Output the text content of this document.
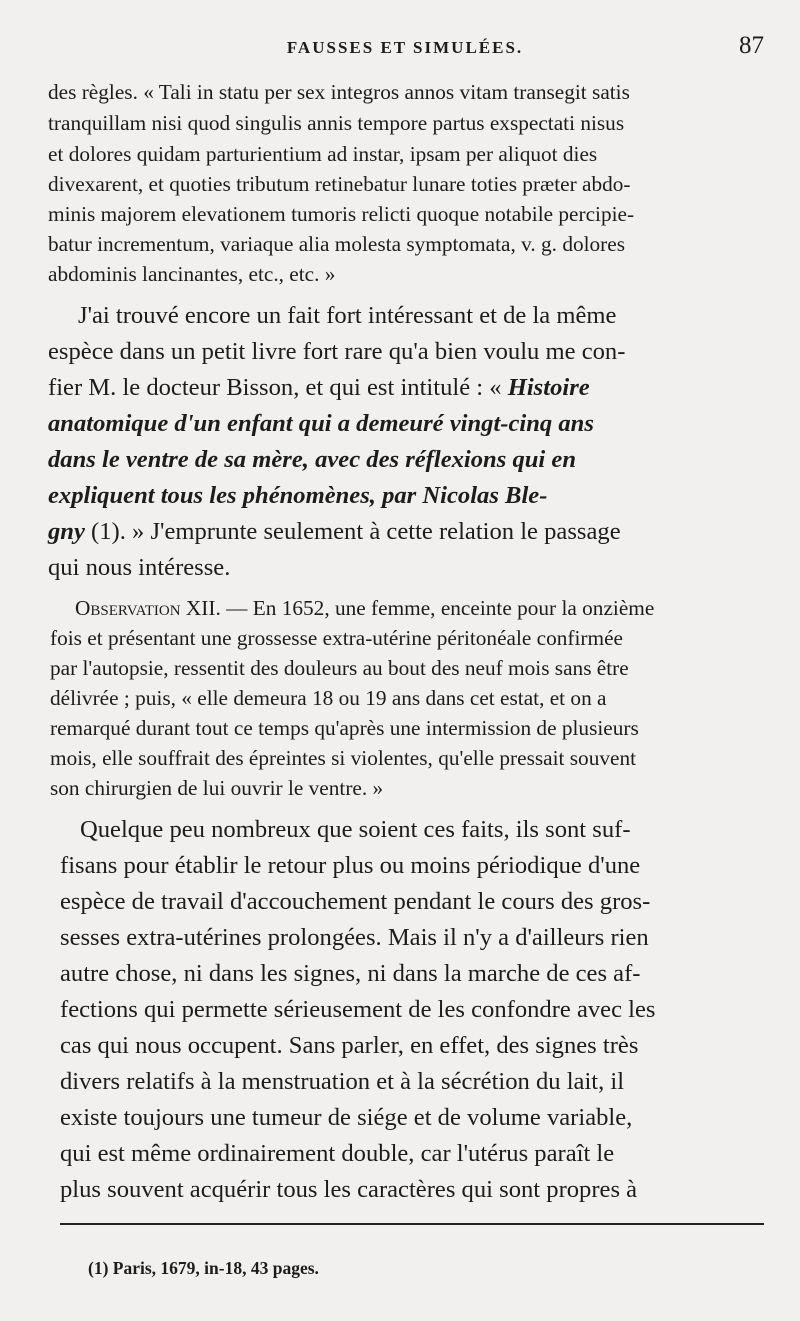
FAUSSES ET SIMULÉES.	87
des règles. « Tali in statu per sex integros annos vitam transegit satis
tranquillam nisi quod singulis annis tempore partus exspectati nisus
et dolores quidam parturientium ad instar, ipsam per aliquot dies
divexarent, et quoties tributum retinebatur lunare toties præter abdo-
minis majorem elevationem tumoris relicti quoque notabile percipie-
batur incrementum, variaque alia molesta symptomata, v. g. dolores
abdominis lancinantes, etc., etc. »
J'ai trouvé encore un fait fort intéressant et de la même
espèce dans un petit livre fort rare qu'a bien voulu me con-
fier M. le docteur Bisson, et qui est intitulé : « Histoire
anatomique d'un enfant qui a demeuré vingt-cinq ans
dans le ventre de sa mère, avec des réflexions qui en
expliquent tous les phénomènes, par Nicolas Ble-
gny (1). » J'emprunte seulement à cette relation le passage
qui nous intéresse.
Observation XII. — En 1652, une femme, enceinte pour la onzième
fois et présentant une grossesse extra-utérine péritonéale confirmée
par l'autopsie, ressentit des douleurs au bout des neuf mois sans être
délivrée ; puis, « elle demeura 18 ou 19 ans dans cet estat, et on a
remarqué durant tout ce temps qu'après une intermission de plusieurs
mois, elle souffrait des épreintes si violentes, qu'elle pressait souvent
son chirurgien de lui ouvrir le ventre. »
Quelque peu nombreux que soient ces faits, ils sont suf-
fisans pour établir le retour plus ou moins périodique d'une
espèce de travail d'accouchement pendant le cours des gros-
sesses extra-utérines prolongées. Mais il n'y a d'ailleurs rien
autre chose, ni dans les signes, ni dans la marche de ces af-
fections qui permette sérieusement de les confondre avec les
cas qui nous occupent. Sans parler, en effet, des signes très
divers relatifs à la menstruation et à la sécrétion du lait, il
existe toujours une tumeur de siége et de volume variable,
qui est même ordinairement double, car l'utérus paraît le
plus souvent acquérir tous les caractères qui sont propres à
(1) Paris, 1679, in-18, 43 pages.
